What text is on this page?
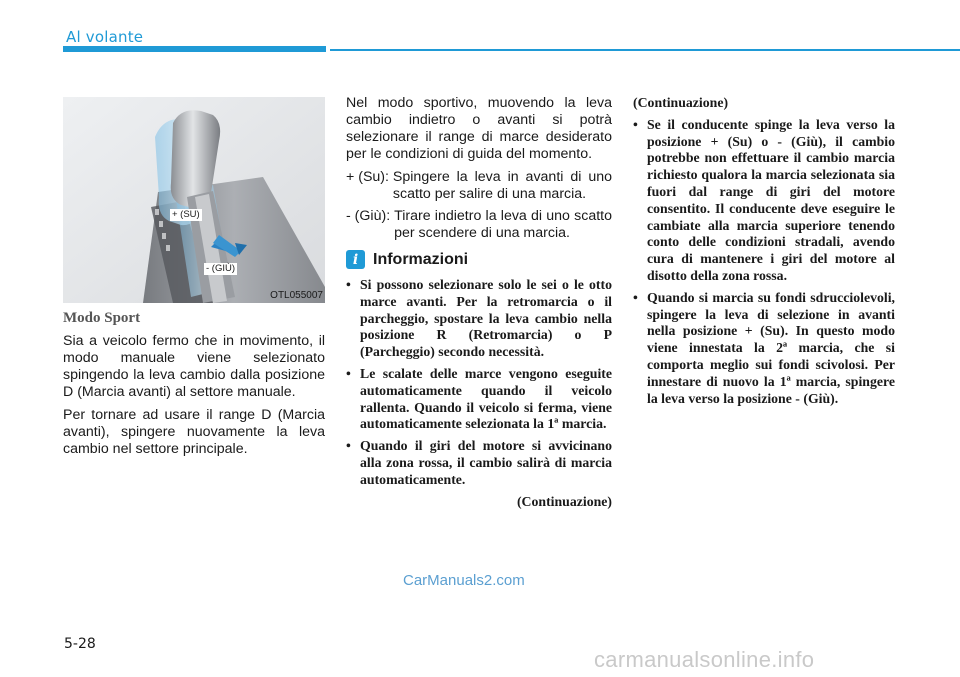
Al volante
+ (SU)
- (GIÙ)
OTL055007
Modo Sport

Sia a veicolo fermo che in movimento, il modo manuale viene selezionato spingendo la leva cambio dalla posizione D (Marcia avanti) al settore manuale.

Per tornare ad usare il range D (Marcia avanti), spingere nuovamente la leva cambio nel settore principale.

Nel modo sportivo, muovendo la leva cambio indietro o avanti si potrà selezionare il range di marce desiderato per le condizioni di guida del momento.

+ (Su): Spingere la leva in avanti di uno scatto per salire di una marcia.
- (Giù): Tirare indietro la leva di uno scatto per scendere di una marcia.
i Informazioni
• Si possono selezionare solo le sei o le otto marce avanti. Per la retromarcia o il parcheggio, spostare la leva cambio nella posizione R (Retromarcia) o P (Parcheggio) secondo necessità.
• Le scalate delle marce vengono eseguite automaticamente quando il veicolo rallenta. Quando il veicolo si ferma, viene automaticamente selezionata la 1ª marcia.
• Quando il giri del motore si avvicinano alla zona rossa, il cambio salirà di marcia automaticamente.
(Continuazione)
(Continuazione)
• Se il conducente spinge la leva verso la posizione + (Su) o - (Giù), il cambio potrebbe non effettuare il cambio marcia richiesto qualora la marcia selezionata sia fuori dal range di giri del motore consentito. Il conducente deve eseguire le cambiate alla marcia superiore tenendo conto delle condizioni stradali, avendo cura di mantenere i giri del motore al disotto della zona rossa.
• Quando si marcia su fondi sdrucciolevoli, spingere la leva di selezione in avanti nella posizione + (Su). In questo modo viene innestata la 2ª marcia, che si comporta meglio sui fondi scivolosi. Per innestare di nuovo la 1ª marcia, spingere la leva verso la posizione - (Giù).
5-28
CarManuals2.com
carmanualsonline.info
